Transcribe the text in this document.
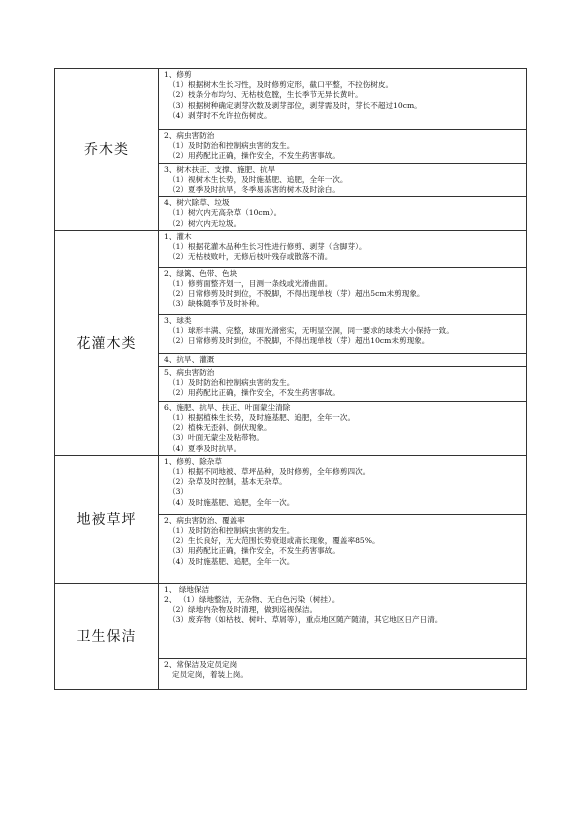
乔木类	1、修剪
（1）根据树木生长习性，及时修剪定形，截口平整，不拉伤树皮。
（2）枝条分布均匀、无枯枝危膛，生长季节无异长黄叶。
（3）根据树种确定剥芽次数及剥芽部位，剥芽需及时，芽长不超过10cm。
（4）剥芽时不允许拉伤树皮。

	2、病虫害防治
（1）及时防治和控制病虫害的发生。
（2）用药配比正确，操作安全，不发生药害事故。

	3、树木扶正、支撑、施肥、抗旱
（1）视树木生长势，及时施基肥、追肥，全年一次。
（2）夏季及时抗旱，冬季易冻害的树木及时涂白。

	4、树穴除草、垃圾
（1）树穴内无高杂草（10cm）。
（2）树穴内无垃圾。

花灌木类	1、灌木
（1）根据花灌木品种生长习性进行修剪、剥芽（含脚芽）。
（2）无枯枝败叶，无修后枝叶残存或散落不清。

	2、绿篱、色带、色块
（1）修剪面整齐划一，目测一条线或光滑曲面。
（2）日常修剪及时到位，不脱脚，不得出现单枝（芽）超出5cm未剪现象。
（3）缺株随季节及时补种。

	3、球类
（1）球形丰满、完整，球面光滑密实，无明显空洞，同一要求的球类大小保持一致。
（2）日常修剪及时到位，不脱脚，不得出现单枝（芽）超出10cm未剪现象。

	4、抗旱、灌溉

	5、病虫害防治
（1）及时防治和控制病虫害的发生。
（2）用药配比正确，操作安全，不发生药害事故。

	6、施肥、抗旱、扶正、叶面蒙尘清除
（1）根据植株生长势，及时施基肥、追肥，全年一次。
（2）植株无歪斜、倒伏现象。
（3）叶面无蒙尘及粘带物。
（4）夏季及时抗旱。

地被草坪	1、修剪、除杂草
（1）根据不同地被、草坪品种，及时修剪，全年修剪四次。
（2）杂草及时控制，基本无杂草。
（3）
（4）及时施基肥、追肥，全年一次。

	2、病虫害防治、覆盖率
（1）及时防治和控制病虫害的发生。
（2）生长良好，无大范围长势衰退或斋长现象，覆盖率85%。
（3）用药配比正确，操作安全，不发生药害事故。
（4）及时施基肥、追肥，全年一次。

卫生保洁	1、 绿地保洁
2、 （1）绿地整洁，无杂物、无白色污染（树挂）。
（2）绿地内杂物及时清理，做到巡视保洁。
（3）废弃物（如枯枝、树叶、草屑等），重点地区随产随清，其它地区日产日清。

	2、常保洁及定员定岗
定员定岗，着装上岗。
